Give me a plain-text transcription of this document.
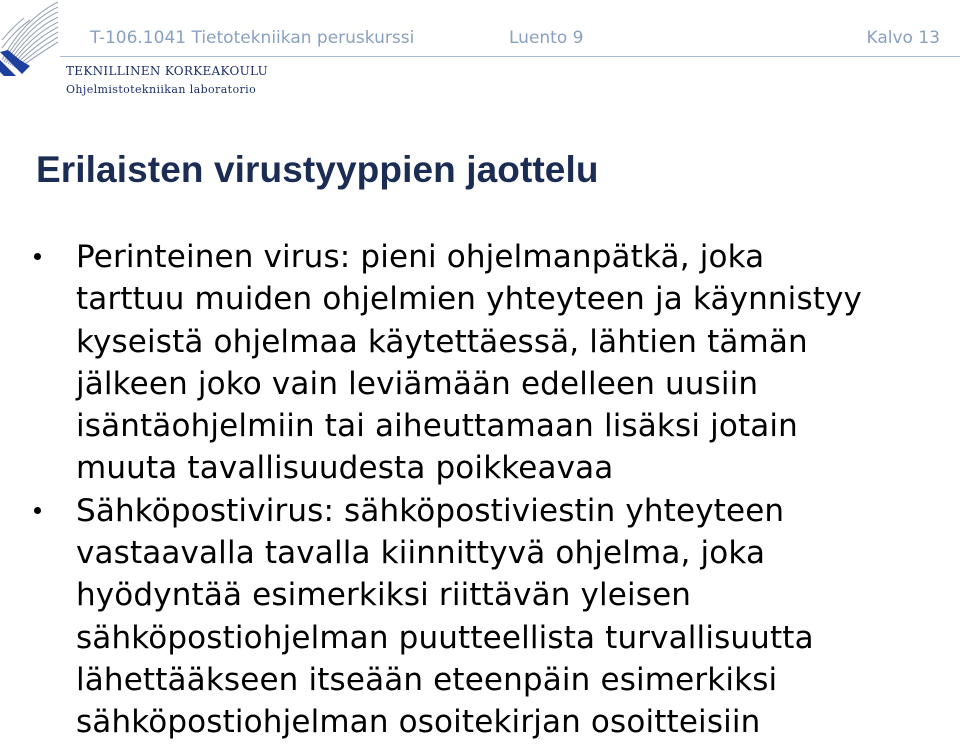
T-106.1041 Tietotekniikan peruskurssi	Luento 9	Kalvo 13
TEKNILLINEN KORKEAKOULU
Ohjelmistotekniikan laboratorio
Erilaisten virustyyppien jaottelu
Perinteinen virus: pieni ohjelmanpätkä, joka
tarttuu muiden ohjelmien yhteyteen ja käynnistyy
kyseistä ohjelmaa käytettäessä, lähtien tämän
jälkeen joko vain leviämään edelleen uusiin
isäntäohjelmiin tai aiheuttamaan lisäksi jotain
muuta tavallisuudesta poikkeavaa
Sähköpostivirus: sähköpostiviestin yhteyteen
vastaavalla tavalla kiinnittyvä ohjelma, joka
hyödyntää esimerkiksi riittävän yleisen
sähköpostiohjelman puutteellista turvallisuutta
lähettääkseen itseään eteenpäin esimerkiksi
sähköpostiohjelman osoitekirjan osoitteisiin
